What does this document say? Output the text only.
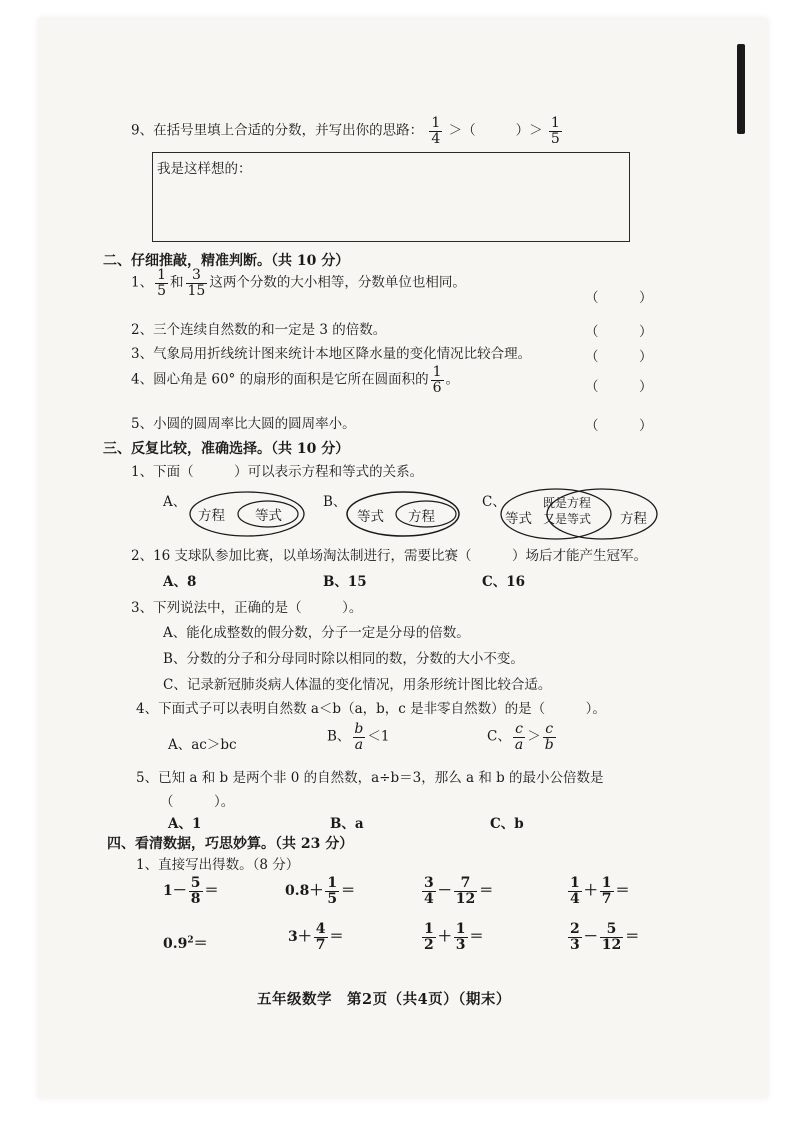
9、在括号里填上合适的分数，并写出你的思路： $\frac{1}{4}$ ＞（	）＞ $\frac{1}{5}$
我是这样想的：
二、仔细推敲，精准判断。（共 10 分）
1、 $\frac{1}{5}$ 和 $\frac{3}{15}$ 这两个分数的大小相等，分数单位也相同。
（　　　）
2、三个连续自然数的和一定是 3 的倍数。	（　　　）
3、气象局用折线统计图来统计本地区降水量的变化情况比较合理。	（　　　）
4、圆心角是 60° 的扇形的面积是它所在圆面积的 $\frac{1}{6}$ 。	（　　　）
5、小圆的圆周率比大圆的圆周率小。	（　　　）
三、反复比较，准确选择。（共 10 分）
1、下面（　　　）可以表示方程和等式的关系。
A、
方程 等式
B、
等式 方程
C、
等式
既是方程
又是等式 方程
2、16 支球队参加比赛，以单场淘汰制进行，需要比赛（　　　）场后才能产生冠军。
A、8	B、15	C、16
3、下列说法中，正确的是（　　　）。
A、能化成整数的假分数，分子一定是分母的倍数。
B、分数的分子和分母同时除以相同的数，分数的大小不变。
C、记录新冠肺炎病人体温的变化情况，用条形统计图比较合适。
4、下面式子可以表明自然数 a＜b（a，b，c 是非零自然数）的是（　　　）。
A、ac＞bc
B、 $\frac{b}{a} <1$	C、 $\frac{c}{a} > \frac{c}{b}$
5、已知 a 和 b 是两个非 0 的自然数，a÷b＝3，那么 a 和 b 的最小公倍数是
（　　　）。
A、1	B、a	C、b
四、看清数据，巧思妙算。（共 23 分）
1、直接写出得数。（8 分）
$1- \frac{5}{8}$ ＝	$0.8+ \frac{1}{5}$ ＝	$\frac{3}{4} - \frac{7}{12}$ ＝	$\frac{1}{4} + \frac{1}{7}$ ＝
$0.9^2=$	$3+ \frac{4}{7}$ ＝	$\frac{1}{2} + \frac{1}{3}$ ＝	$\frac{2}{3} - \frac{5}{12}$ ＝
五年级数学　第2页（共4页）（期末）
